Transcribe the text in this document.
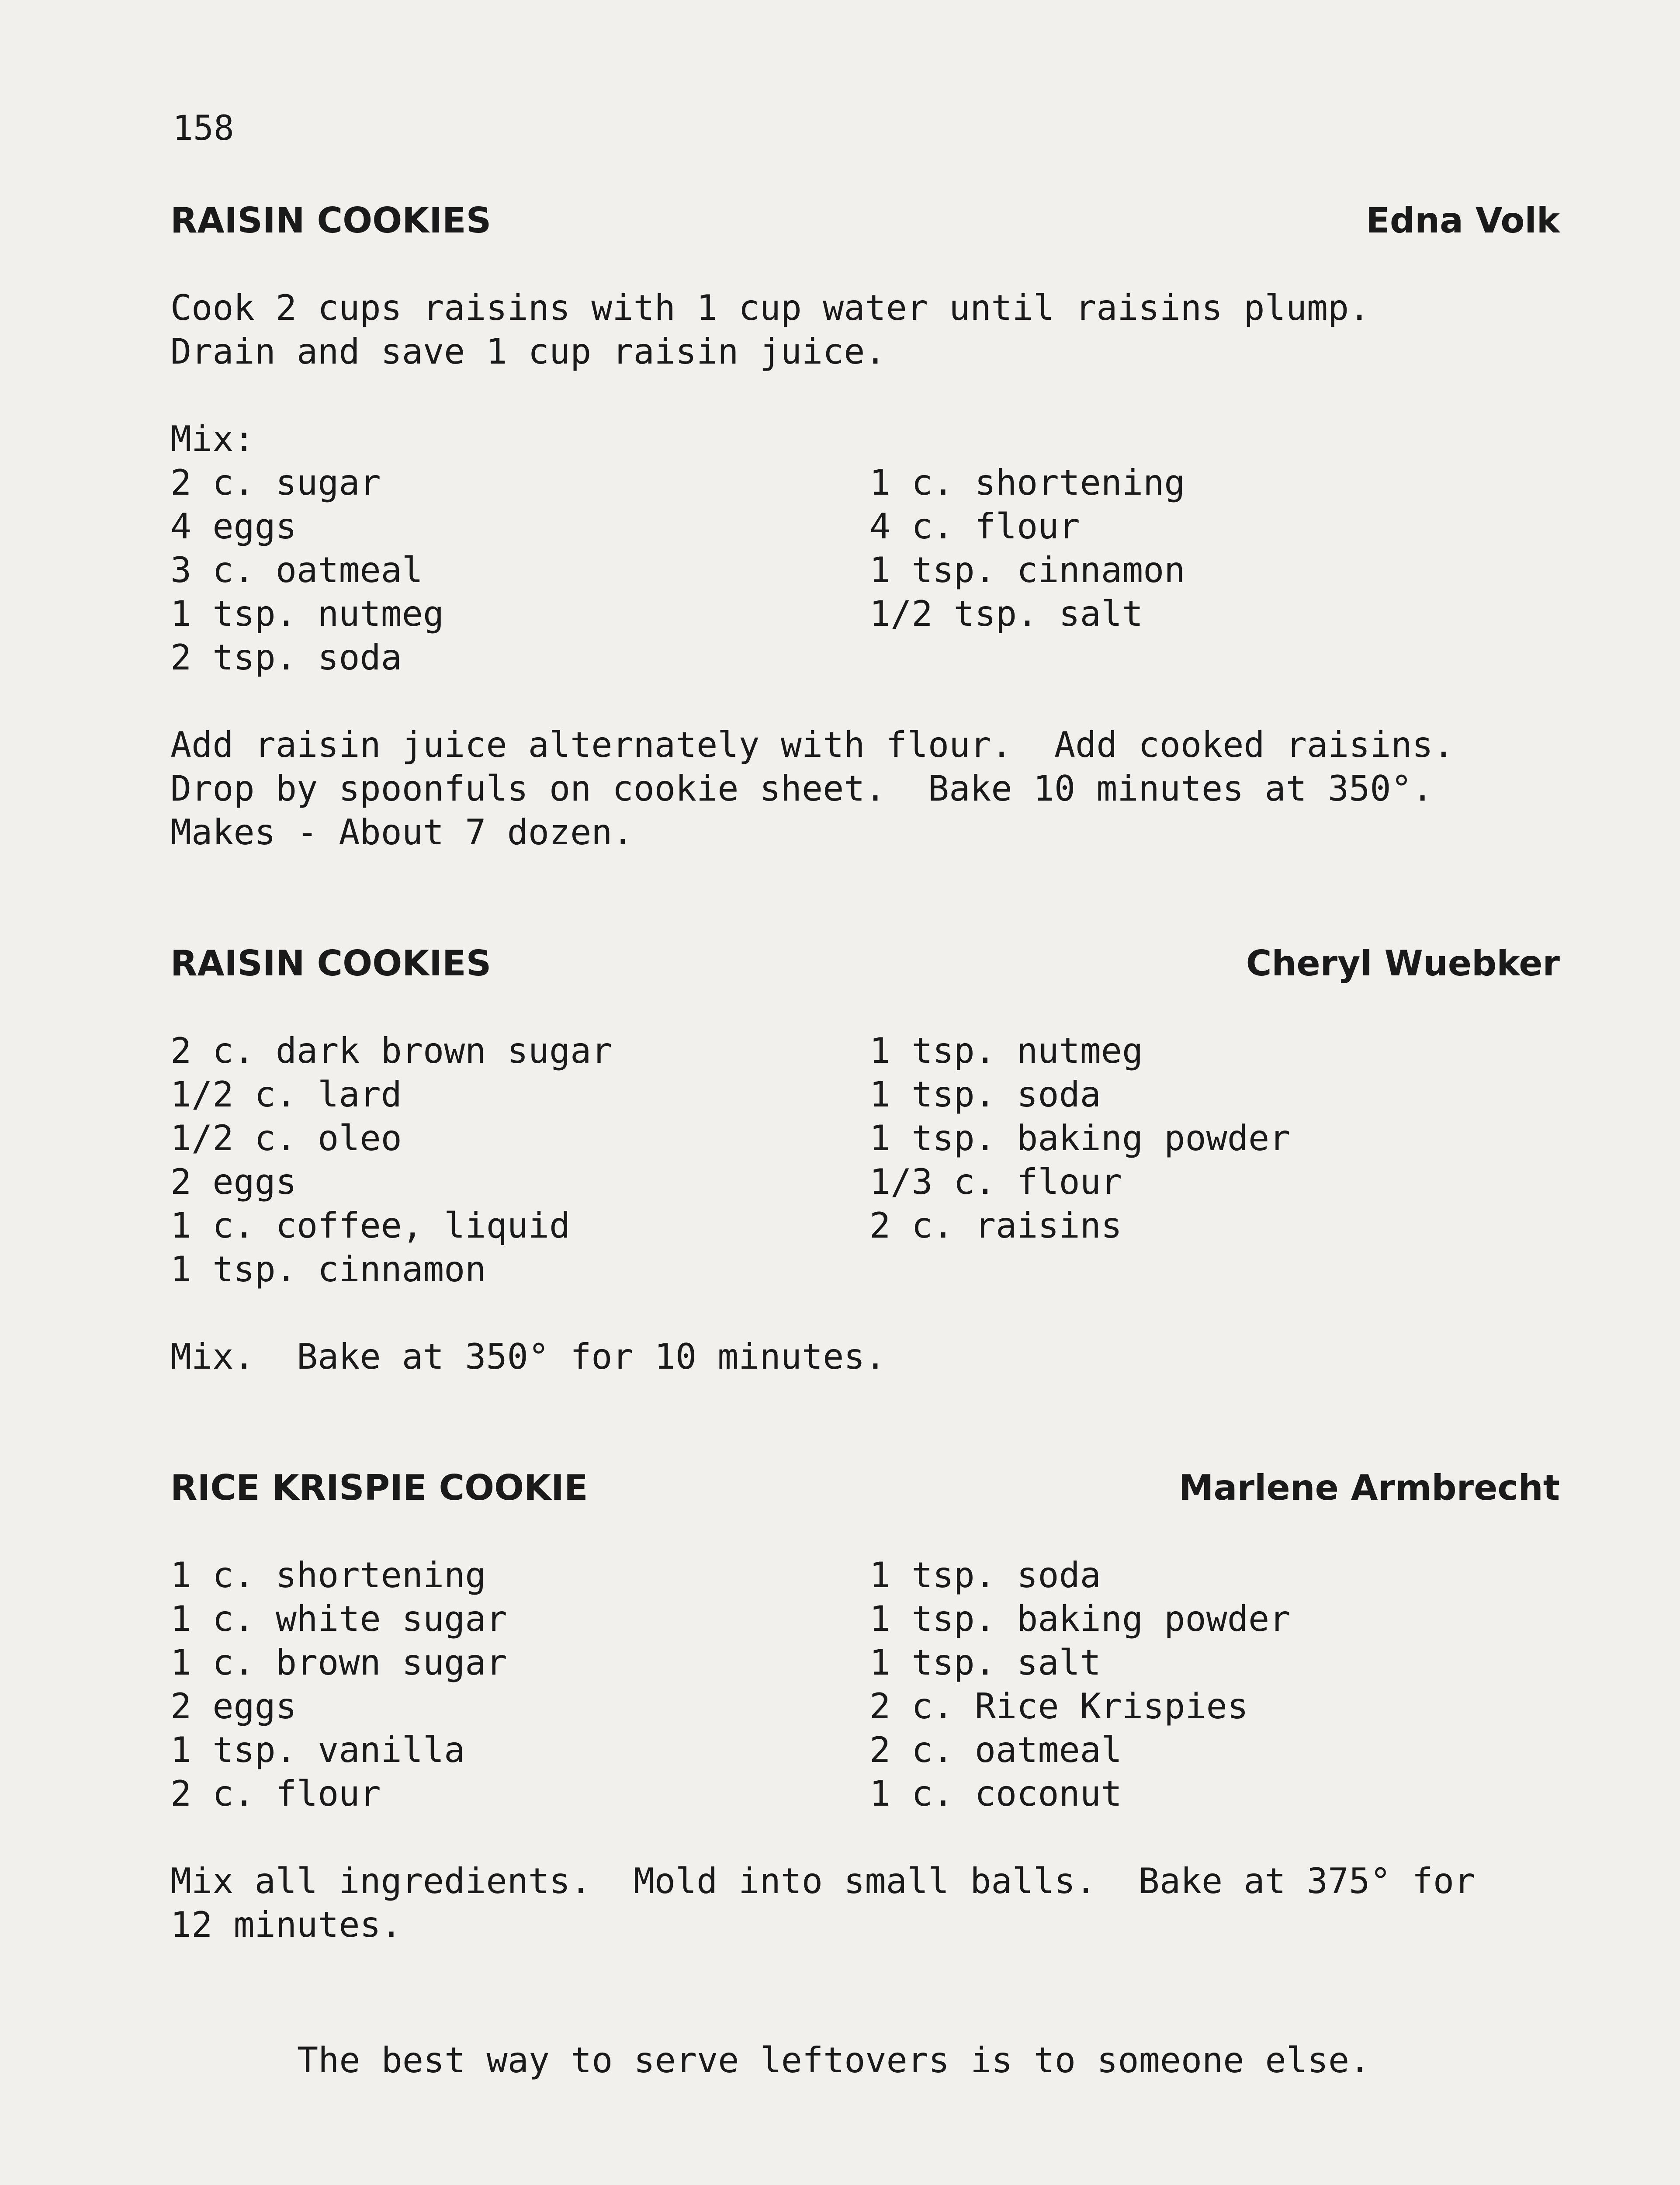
158
RAISIN COOKIES	Edna Volk
Cook 2 cups raisins with 1 cup water until raisins plump.
Drain and save 1 cup raisin juice.
Mix:
2 c. sugar	1 c. shortening
4 eggs	4 c. flour
3 c. oatmeal	1 tsp. cinnamon
1 tsp. nutmeg	1/2 tsp. salt
2 tsp. soda
Add raisin juice alternately with flour.  Add cooked raisins.
Drop by spoonfuls on cookie sheet.  Bake 10 minutes at 350°.
Makes - About 7 dozen.
RAISIN COOKIES	Cheryl Wuebker
2 c. dark brown sugar	1 tsp. nutmeg
1/2 c. lard	1 tsp. soda
1/2 c. oleo	1 tsp. baking powder
2 eggs	1/3 c. flour
1 c. coffee, liquid	2 c. raisins
1 tsp. cinnamon
Mix.  Bake at 350° for 10 minutes.
RICE KRISPIE COOKIE	Marlene Armbrecht
1 c. shortening	1 tsp. soda
1 c. white sugar	1 tsp. baking powder
1 c. brown sugar	1 tsp. salt
2 eggs	2 c. Rice Krispies
1 tsp. vanilla	2 c. oatmeal
2 c. flour	1 c. coconut
Mix all ingredients.  Mold into small balls.  Bake at 375° for
12 minutes.
The best way to serve leftovers is to someone else.
